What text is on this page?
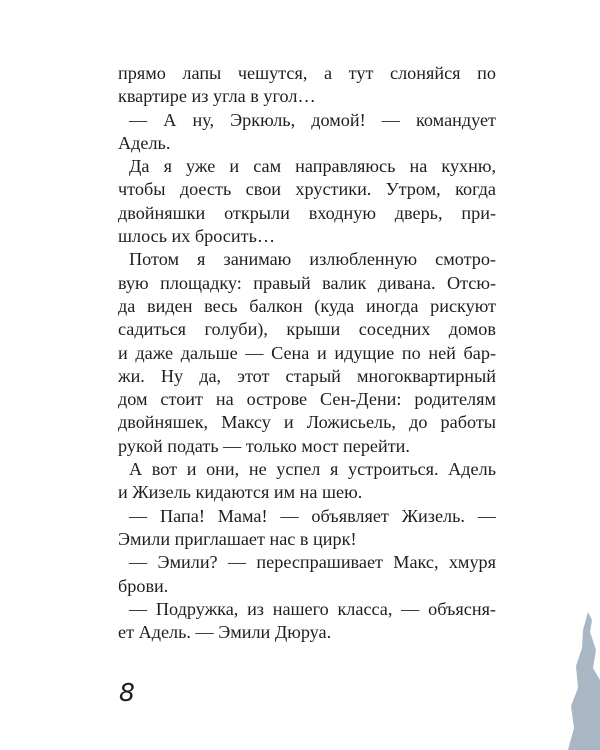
прямо лапы чешутся, а тут слоняйся по
квартире из угла в угол…
— А ну, Эркюль, домой! — командует
Адель.
Да я уже и сам направляюсь на кухню,
чтобы доесть свои хрустики. Утром, когда
двойняшки открыли входную дверь, при-
шлось их бросить…
Потом я занимаю излюбленную смотро-
вую площадку: правый валик дивана. Отсю-
да виден весь балкон (куда иногда рискуют
садиться голуби), крыши соседних домов
и даже дальше — Сена и идущие по ней бар-
жи. Ну да, этот старый многоквартирный
дом стоит на острове Сен-Дени: родителям
двойняшек, Максу и Ложисьель, до работы
рукой подать — только мост перейти.
А вот и они, не успел я устроиться. Адель
и Жизель кидаются им на шею.
— Папа! Мама! — объявляет Жизель. —
Эмили приглашает нас в цирк!
— Эмили? — переспрашивает Макс, хмуря
брови.
— Подружка, из нашего класса, — объясня-
ет Адель. — Эмили Дюруа.
8
